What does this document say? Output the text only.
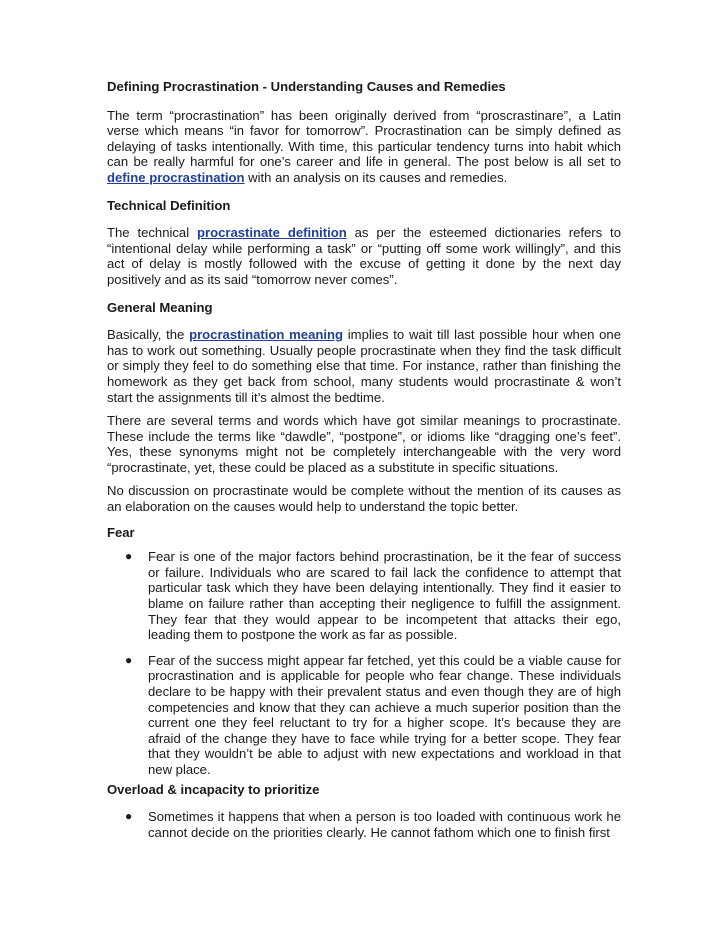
Defining Procrastination - Understanding Causes and Remedies

The term “procrastination” has been originally derived from “proscrastinare”, a Latin verse which means “in favor for tomorrow”. Procrastination can be simply defined as delaying of tasks intentionally. With time, this particular tendency turns into habit which can be really harmful for one’s career and life in general. The post below is all set to define procrastination with an analysis on its causes and remedies.

Technical Definition

The technical procrastinate definition as per the esteemed dictionaries refers to “intentional delay while performing a task” or “putting off some work willingly”, and this act of delay is mostly followed with the excuse of getting it done by the next day positively and as its said “tomorrow never comes”.

General Meaning

Basically, the procrastination meaning implies to wait till last possible hour when one has to work out something. Usually people procrastinate when they find the task difficult or simply they feel to do something else that time. For instance, rather than finishing the homework as they get back from school, many students would procrastinate & won’t start the assignments till it’s almost the bedtime.

There are several terms and words which have got similar meanings to procrastinate. These include the terms like “dawdle”, “postpone”, or idioms like “dragging one’s feet”. Yes, these synonyms might not be completely interchangeable with the very word “procrastinate, yet, these could be placed as a substitute in specific situations.

No discussion on procrastinate would be complete without the mention of its causes as an elaboration on the causes would help to understand the topic better.

Fear
● Fear is one of the major factors behind procrastination, be it the fear of success or failure. Individuals who are scared to fail lack the confidence to attempt that particular task which they have been delaying intentionally. They find it easier to blame on failure rather than accepting their negligence to fulfill the assignment. They fear that they would appear to be incompetent that attacks their ego, leading them to postpone the work as far as possible.
● Fear of the success might appear far fetched, yet this could be a viable cause for procrastination and is applicable for people who fear change. These individuals declare to be happy with their prevalent status and even though they are of high competencies and know that they can achieve a much superior position than the current one they feel reluctant to try for a higher scope. It’s because they are afraid of the change they have to face while trying for a better scope. They fear that they wouldn’t be able to adjust with new expectations and workload in that new place.
Overload & incapacity to prioritize
● Sometimes it happens that when a person is too loaded with continuous work he cannot decide on the priorities clearly. He cannot fathom which one to finish first
